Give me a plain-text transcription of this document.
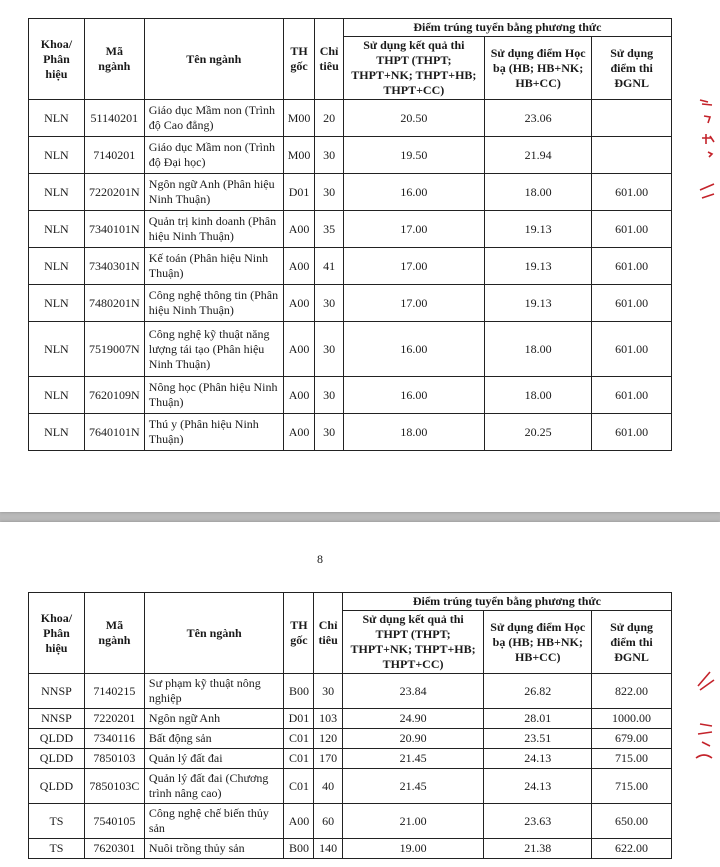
Khoa/ Phân hiệu	Mã ngành	Tên ngành	TH gốc	Chỉ tiêu	Điểm trúng tuyển bằng phương thức		
					Sử dụng kết quả thi THPT (THPT; THPT+NK; THPT+HB; THPT+CC)	Sử dụng điểm Học bạ (HB; HB+NK; HB+CC)	Sử dụng điểm thi ĐGNL
NLN	51140201	Giáo dục Mầm non (Trình độ Cao đẳng)	M00	20	20.50	23.06	
NLN	7140201	Giáo dục Mầm non (Trình độ Đại học)	M00	30	19.50	21.94	
NLN	7220201N	Ngôn ngữ Anh (Phân hiệu Ninh Thuận)	D01	30	16.00	18.00	601.00
NLN	7340101N	Quản trị kinh doanh (Phân hiệu Ninh Thuận)	A00	35	17.00	19.13	601.00
NLN	7340301N	Kế toán (Phân hiệu Ninh Thuận)	A00	41	17.00	19.13	601.00
NLN	7480201N	Công nghệ thông tin (Phân hiệu Ninh Thuận)	A00	30	17.00	19.13	601.00
NLN	7519007N	Công nghệ kỹ thuật năng lượng tái tạo (Phân hiệu Ninh Thuận)	A00	30	16.00	18.00	601.00
NLN	7620109N	Nông học (Phân hiệu Ninh Thuận)	A00	30	16.00	18.00	601.00
NLN	7640101N	Thú y (Phân hiệu Ninh Thuận)	A00	30	18.00	20.25	601.00
8
Khoa/ Phân hiệu	Mã ngành	Tên ngành	TH gốc	Chỉ tiêu	Điểm trúng tuyển bằng phương thức		
					Sử dụng kết quả thi THPT (THPT; THPT+NK; THPT+HB; THPT+CC)	Sử dụng điểm Học bạ (HB; HB+NK; HB+CC)	Sử dụng điểm thi ĐGNL
NNSP	7140215	Sư phạm kỹ thuật nông nghiệp	B00	30	23.84	26.82	822.00
NNSP	7220201	Ngôn ngữ Anh	D01	103	24.90	28.01	1000.00
QLDD	7340116	Bất động sản	C01	120	20.90	23.51	679.00
QLDD	7850103	Quản lý đất đai	C01	170	21.45	24.13	715.00
QLDD	7850103C	Quản lý đất đai (Chương trình nâng cao)	C01	40	21.45	24.13	715.00
TS	7540105	Công nghệ chế biến thủy sản	A00	60	21.00	23.63	650.00
TS	7620301	Nuôi trồng thủy sản	B00	140	19.00	21.38	622.00
